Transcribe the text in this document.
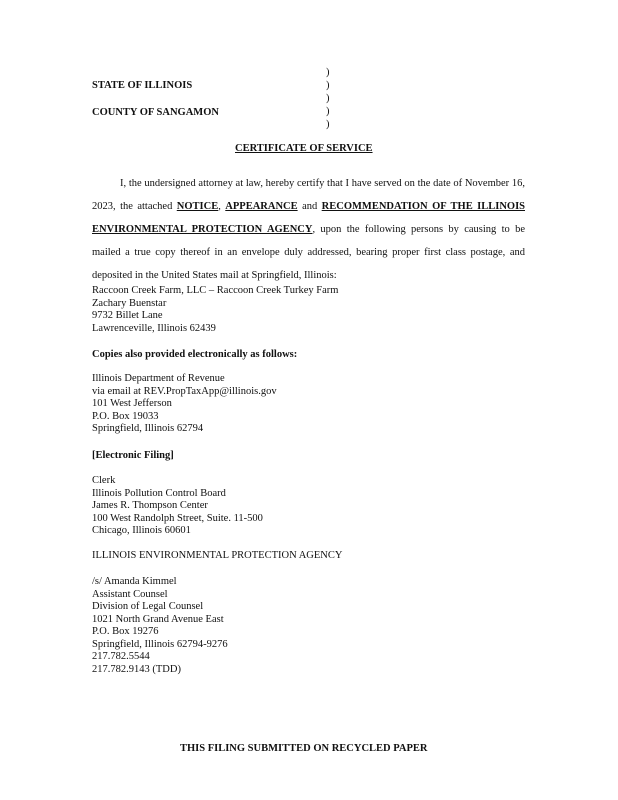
STATE OF ILLINOIS
COUNTY OF SANGAMON
)
)
)
)
)
CERTIFICATE OF SERVICE
I, the undersigned attorney at law, hereby certify that I have served on the date of November 16, 2023, the attached NOTICE, APPEARANCE and RECOMMENDATION OF THE ILLINOIS ENVIRONMENTAL PROTECTION AGENCY, upon the following persons by causing to be mailed a true copy thereof in an envelope duly addressed, bearing proper first class postage, and deposited in the United States mail at Springfield, Illinois:
Raccoon Creek Farm, LLC – Raccoon Creek Turkey Farm
Zachary Buenstar
9732 Billet Lane
Lawrenceville, Illinois 62439
Copies also provided electronically as follows:
Illinois Department of Revenue
via email at REV.PropTaxApp@illinois.gov
101 West Jefferson
P.O. Box 19033
Springfield, Illinois 62794
[Electronic Filing]
Clerk
Illinois Pollution Control Board
James R. Thompson Center
100 West Randolph Street, Suite. 11-500
Chicago, Illinois 60601
ILLINOIS ENVIRONMENTAL PROTECTION AGENCY
/s/ Amanda Kimmel
Assistant Counsel
Division of Legal Counsel
1021 North Grand Avenue East
P.O. Box 19276
Springfield, Illinois 62794-9276
217.782.5544
217.782.9143 (TDD)
THIS FILING SUBMITTED ON RECYCLED PAPER
